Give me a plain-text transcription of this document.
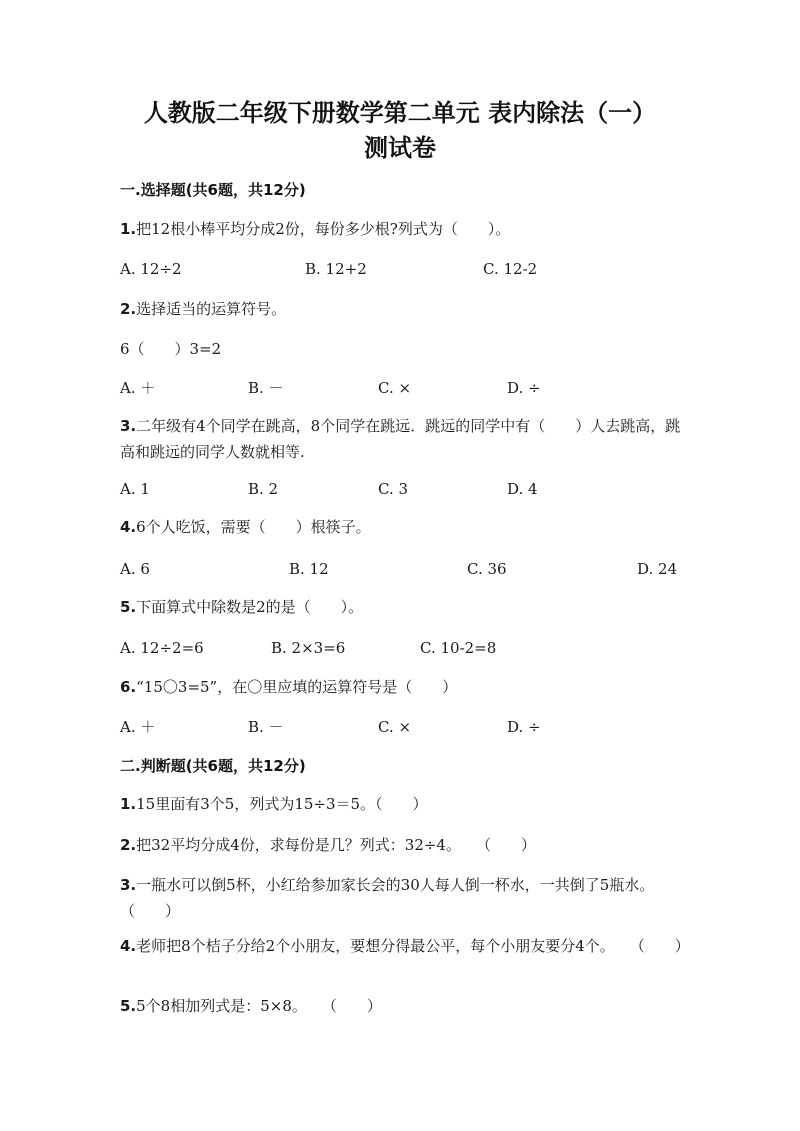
人教版二年级下册数学第二单元 表内除法（一）
测试卷
一.选择题(共6题，共12分)
1.把12根小棒平均分成2份，每份多少根?列式为（　　）。
A. 12÷2	B. 12+2	C. 12-2
2.选择适当的运算符号。
6（　　）3=2
A. ＋	B. －	C. ×	D. ÷
3.二年级有4个同学在跳高，8个同学在跳远．跳远的同学中有（　　）人去跳高，跳高和跳远的同学人数就相等.
A. 1	B. 2	C. 3	D. 4
4.6个人吃饭，需要（　　）根筷子。
A. 6	B. 12	C. 36	D. 24
5.下面算式中除数是2的是（　　）。
A. 12÷2=6	B. 2×3=6	C. 10-2=8
6.“15〇3=5”，在〇里应填的运算符号是（　　）
A. ＋	B. －	C. ×	D. ÷
二.判断题(共6题，共12分)
1.15里面有3个5，列式为15÷3＝5。（　　）
2.把32平均分成4份，求每份是几？列式：32÷4。　　（　　）
3.一瓶水可以倒5杯，小红给参加家长会的30人每人倒一杯水，一共倒了5瓶水。　　（　　）
4.老师把8个桔子分给2个小朋友，要想分得最公平，每个小朋友要分4个。　　（　　）
5.5个8相加列式是：5×8。　　（　　）
